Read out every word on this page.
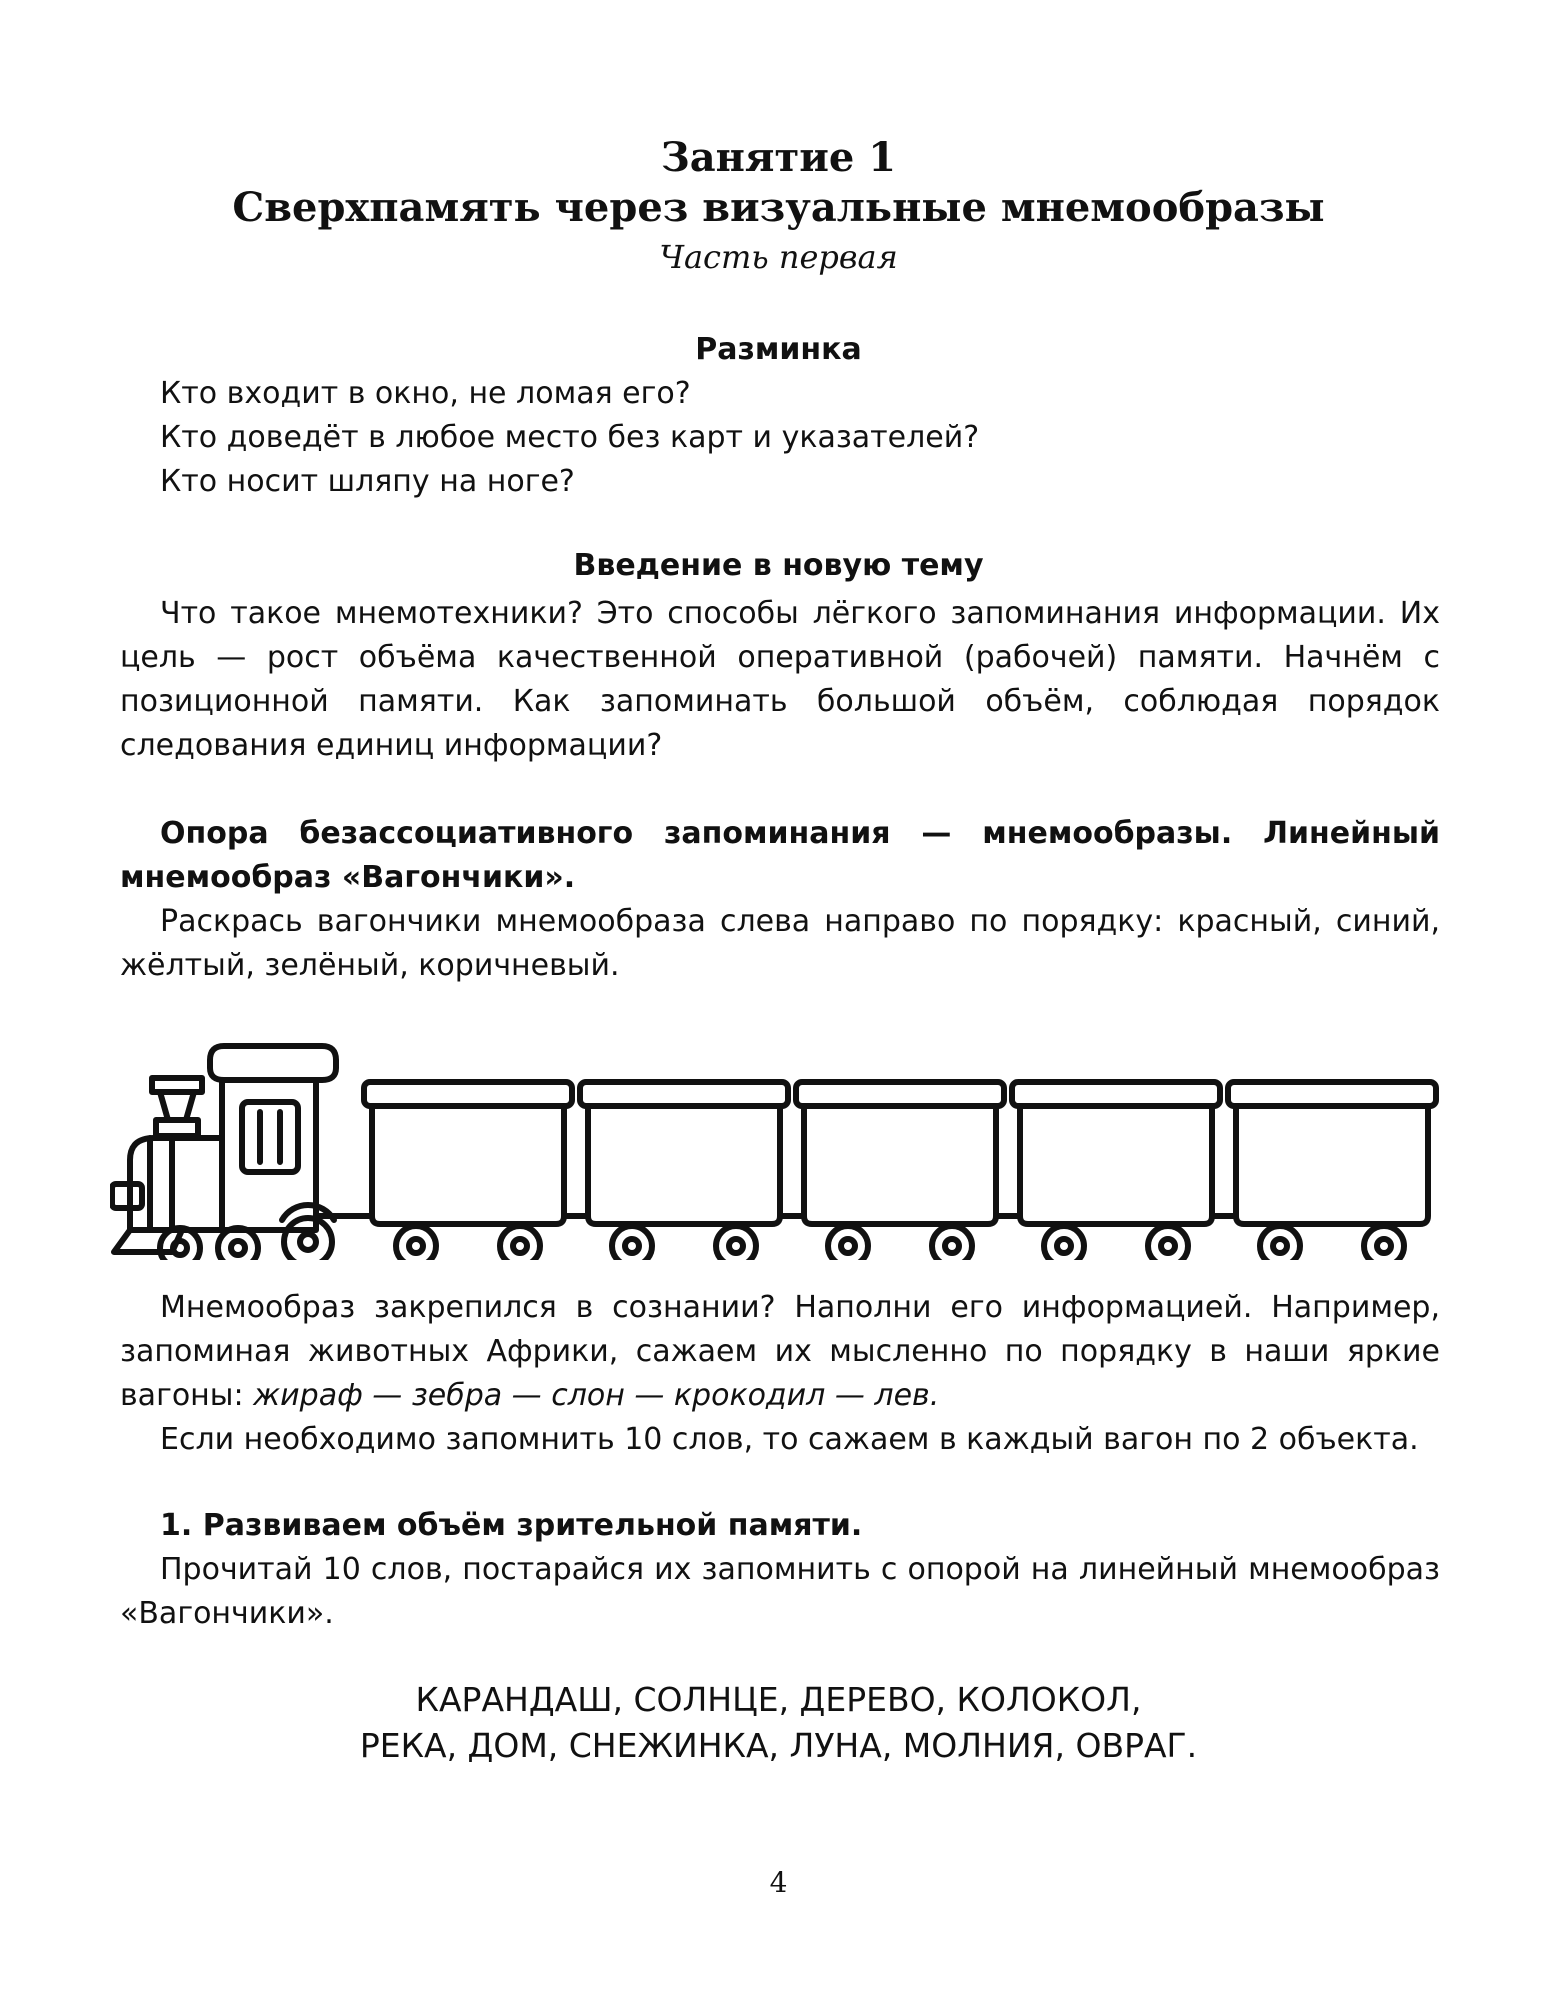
Занятие 1
Сверхпамять через визуальные мнемообразы
Часть первая
Разминка
Кто входит в окно, не ломая его?
Кто доведёт в любое место без карт и указателей?
Кто носит шляпу на ноге?
Введение в новую тему
Что такое мнемотехники? Это способы лёгкого запоминания информации. Их цель — рост объёма качественной оперативной (рабочей) памяти. Начнём с позиционной памяти. Как запоминать большой объём, соблюдая порядок следования единиц информации?
Опора безассоциативного запоминания — мнемообразы. Линейный мнемообраз «Вагончики».
Раскрась вагончики мнемообраза слева направо по порядку: красный, синий, жёлтый, зелёный, коричневый.
Мнемообраз закрепился в сознании? Наполни его информацией. Например, запоминая животных Африки, сажаем их мысленно по порядку в наши яркие вагоны: жираф — зебра — слон — крокодил — лев.
Если необходимо запомнить 10 слов, то сажаем в каждый вагон по 2 объекта.
1. Развиваем объём зрительной памяти.
Прочитай 10 слов, постарайся их запомнить с опорой на линейный мнемообраз «Вагончики».
КАРАНДАШ, СОЛНЦЕ, ДЕРЕВО, КОЛОКОЛ,
РЕКА, ДОМ, СНЕЖИНКА, ЛУНА, МОЛНИЯ, ОВРАГ.
4
